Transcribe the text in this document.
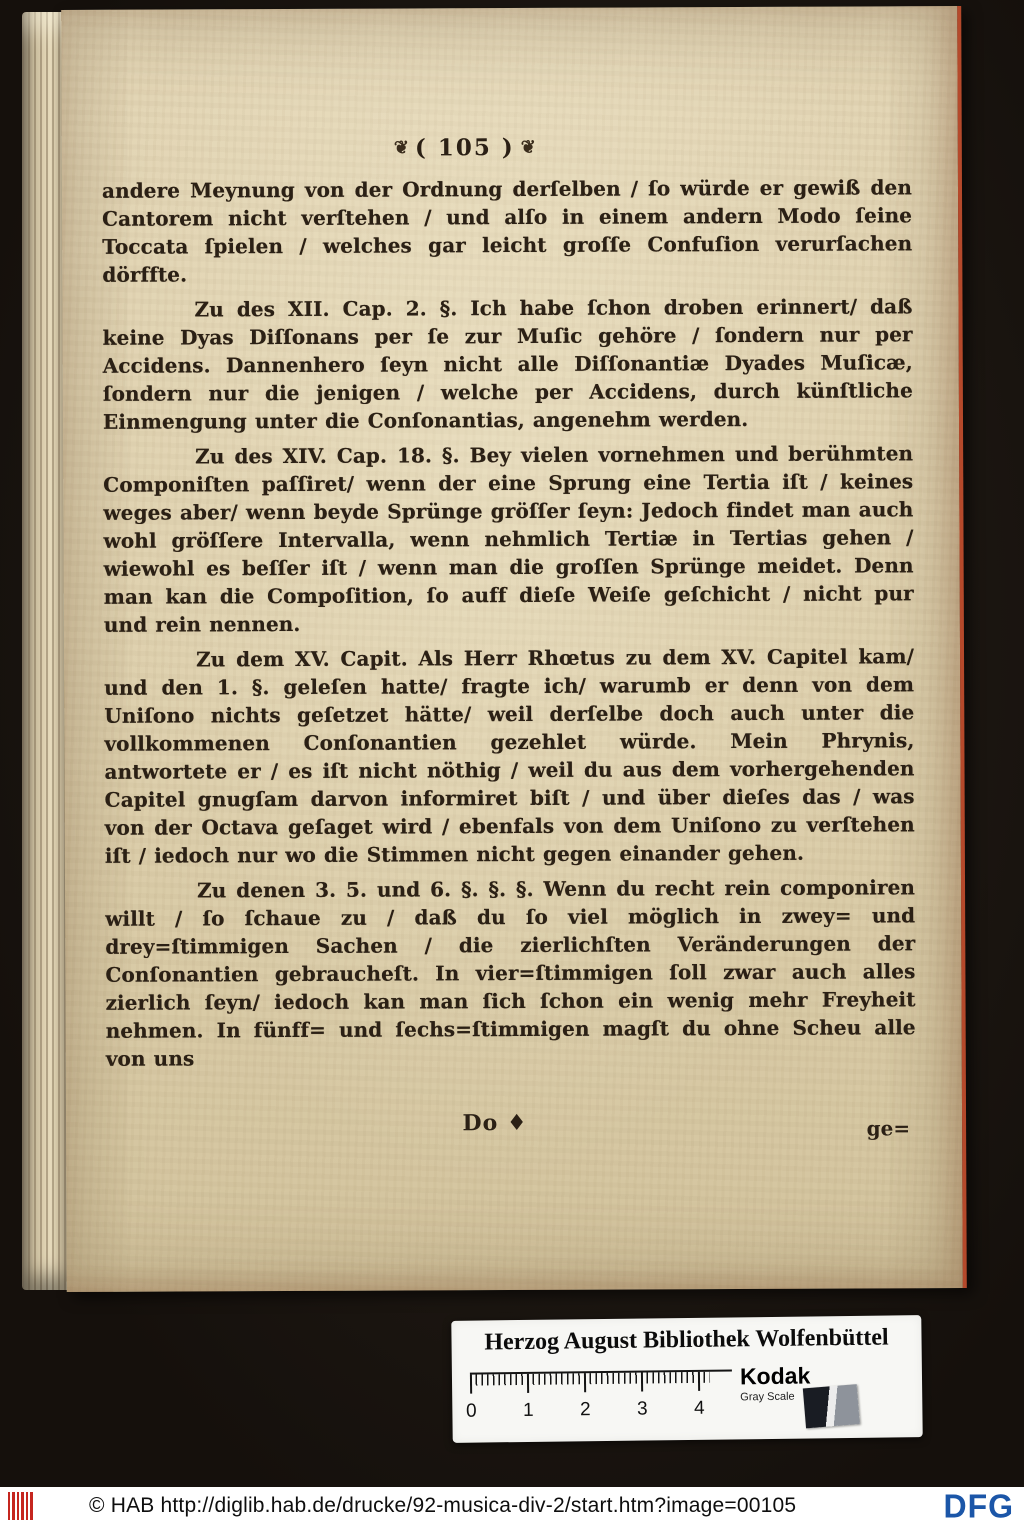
❦ ( 105 ) ❦

andere Meynung von der Ordnung derſelben / ſo würde er gewiß den Cantorem nicht verſtehen / und alſo in einem andern Modo ſeine Toccata ſpielen / welches gar leicht groſſe Confuſion verurſachen dörffte.

Zu des XII. Cap. 2. §. Ich habe ſchon droben erinnert/ daß keine Dyas Diſſonans per ſe zur Muſic gehöre / ſondern nur per Accidens. Dannenhero ſeyn nicht alle Diſſonantiæ Dyades Muſicæ, ſondern nur die jenigen / welche per Accidens, durch künſtliche Einmengung unter die Conſonantias, angenehm werden.

Zu des XIV. Cap. 18. §. Bey vielen vornehmen und berühmten Componiſten paſſiret/ wenn der eine Sprung eine Tertia iſt / keines weges aber/ wenn beyde Sprünge gröſſer ſeyn: Jedoch findet man auch wohl gröſſere Intervalla, wenn nehmlich Tertiæ in Tertias gehen / wiewohl es beſſer iſt / wenn man die groſſen Sprünge meidet. Denn man kan die Compoſition, ſo auff dieſe Weiſe geſchicht / nicht pur und rein nennen.

Zu dem XV. Capit. Als Herr Rhœtus zu dem XV. Capitel kam/ und den 1. §. geleſen hatte/ fragte ich/ warumb er denn von dem Uniſono nichts geſetzet hätte/ weil derſelbe doch auch unter die vollkommenen Conſonantien gezehlet würde. Mein Phrynis, antwortete er / es iſt nicht nöthig / weil du aus dem vorhergehenden Capitel gnugſam darvon informiret biſt / und über dieſes das / was von der Octava geſaget wird / ebenfals von dem Uniſono zu verſtehen iſt / iedoch nur wo die Stimmen nicht gegen einander gehen.

Zu denen 3. 5. und 6. §. §. §. Wenn du recht rein componiren willt / ſo ſchaue zu / daß du ſo viel möglich in zwey= und drey=ſtimmigen Sachen / die zierlichſten Veränderungen der Conſonantien gebraucheſt. In vier=ſtimmigen ſoll zwar auch alles zierlich ſeyn/ iedoch kan man ſich ſchon ein wenig mehr Freyheit nehmen. In fünff= und ſechs=ſtimmigen magſt du ohne Scheu alle von uns

Do ♦	ge=
Herzog August Bibliothek Wolfenbüttel
0 1 2 3 4
Kodak
Gray Scale
© HAB http://diglib.hab.de/drucke/92-musica-div-2/start.htm?image=00105	DFG
